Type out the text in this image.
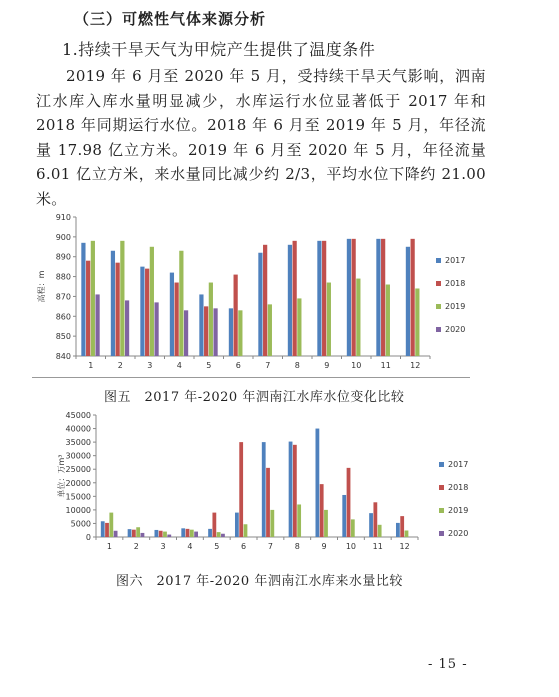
（三）可燃性气体来源分析
1.持续干旱天气为甲烷产生提供了温度条件
2019 年 6 月至 2020 年 5 月，受持续干旱天气影响，泗南江水库入库水量明显减少，水库运行水位显著低于 2017 年和 2018 年同期运行水位。2018 年 6 月至 2019 年 5 月，年径流量 17.98 亿立方米。2019 年 6 月至 2020 年 5 月，年径流量 6.01 亿立方米，来水量同比减少约 2/3，平均水位下降约 21.00 米。
840
850
860
870
880
890
900
910
高程：m
1	2	3	4	5	6	7	8	9	10 11 12
2017
2018
2019
2020
图五　2017 年-2020 年泗南江水库水位变化比较
0
5000
10000
15000
20000
25000
30000
35000
40000
45000
单位：万m³
1	2	3	4	5	6	7	8	9 10 11 12
2017
2018
2019
2020
图六　2017 年-2020 年泗南江水库来水量比较
- 15 -
